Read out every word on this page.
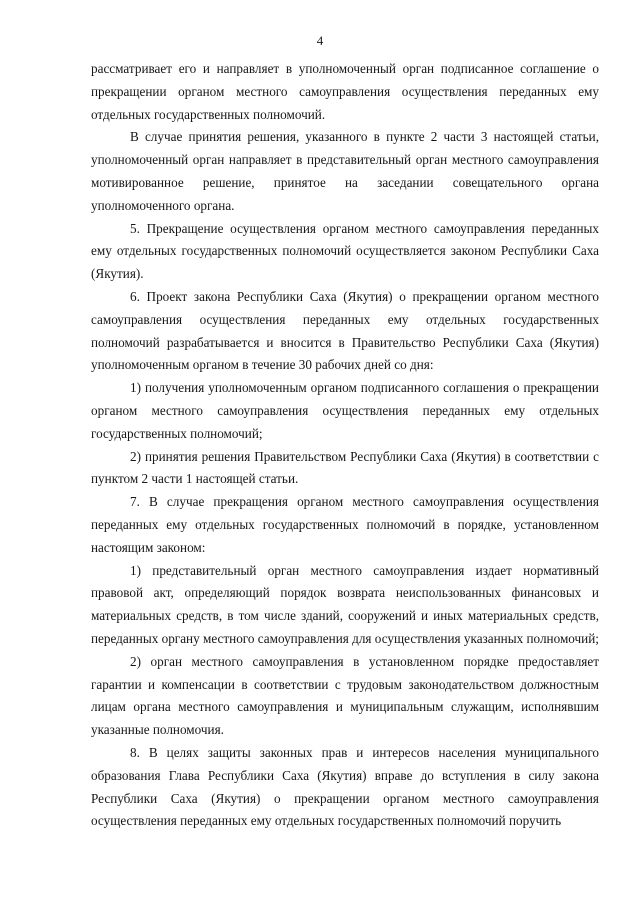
4

рассматривает его и направляет в уполномоченный орган подписанное соглашение о прекращении органом местного самоуправления осуществления переданных ему отдельных государственных полномочий.

В случае принятия решения, указанного в пункте 2 части 3 настоящей статьи, уполномоченный орган направляет в представительный орган местного самоуправления мотивированное решение, принятое на заседании совещательного органа уполномоченного органа.

5. Прекращение осуществления органом местного самоуправления переданных ему отдельных государственных полномочий осуществляется законом Республики Саха (Якутия).

6. Проект закона Республики Саха (Якутия) о прекращении органом местного самоуправления осуществления переданных ему отдельных государственных полномочий разрабатывается и вносится в Правительство Республики Саха (Якутия) уполномоченным органом в течение 30 рабочих дней со дня:

1) получения уполномоченным органом подписанного соглашения о прекращении органом местного самоуправления осуществления переданных ему отдельных государственных полномочий;

2) принятия решения Правительством Республики Саха (Якутия) в соответствии с пунктом 2 части 1 настоящей статьи.

7. В случае прекращения органом местного самоуправления осуществления переданных ему отдельных государственных полномочий в порядке, установленном настоящим законом:

1) представительный орган местного самоуправления издает нормативный правовой акт, определяющий порядок возврата неиспользованных финансовых и материальных средств, в том числе зданий, сооружений и иных материальных средств, переданных органу местного самоуправления для осуществления указанных полномочий;

2) орган местного самоуправления в установленном порядке предоставляет гарантии и компенсации в соответствии с трудовым законодательством должностным лицам органа местного самоуправления и муниципальным служащим, исполнявшим указанные полномочия.

8. В целях защиты законных прав и интересов населения муниципального образования Глава Республики Саха (Якутия) вправе до вступления в силу закона Республики Саха (Якутия) о прекращении органом местного самоуправления осуществления переданных ему отдельных государственных полномочий поручить
